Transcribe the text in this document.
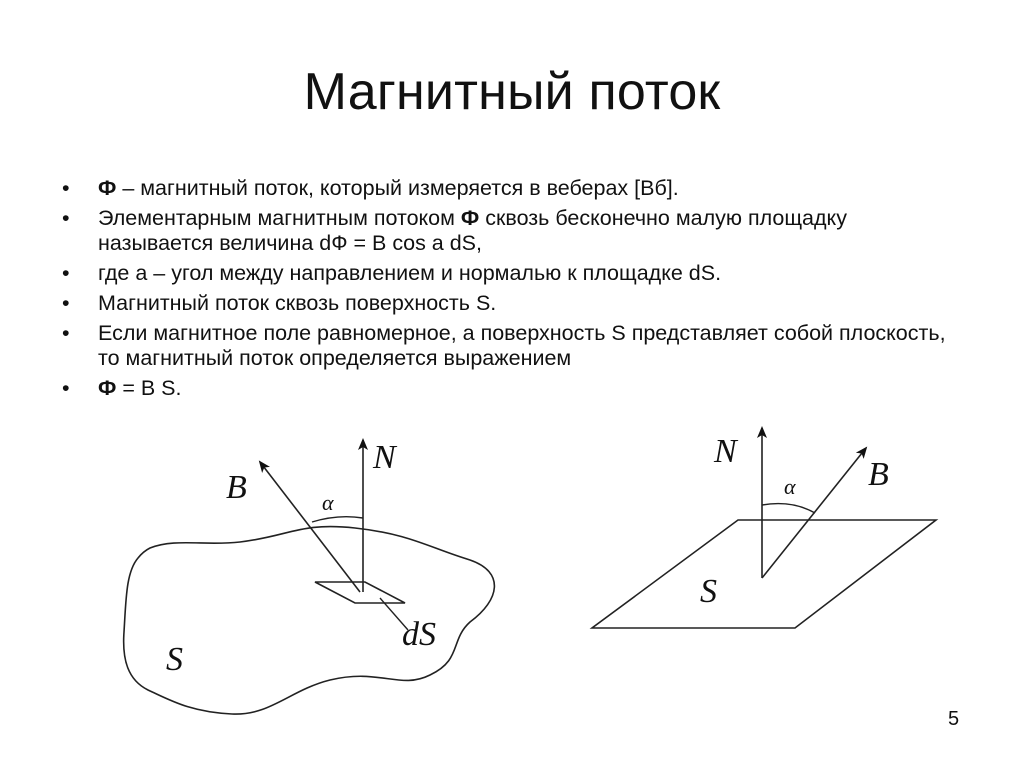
Магнитный поток
• Ф – магнитный поток, который измеряется в веберах [Вб].
• Элементарным магнитным потоком Ф сквозь бесконечно малую площадку называется величина dФ = B cos a dS,
• где a – угол между направлением и нормалью к площадке dS.
• Магнитный поток сквозь поверхность S.
• Если магнитное поле равномерное, а поверхность S представляет собой плоскость, то магнитный поток определяется выражением
• Ф = B S.
B
N
α
dS
S
N
B
α
S
5
